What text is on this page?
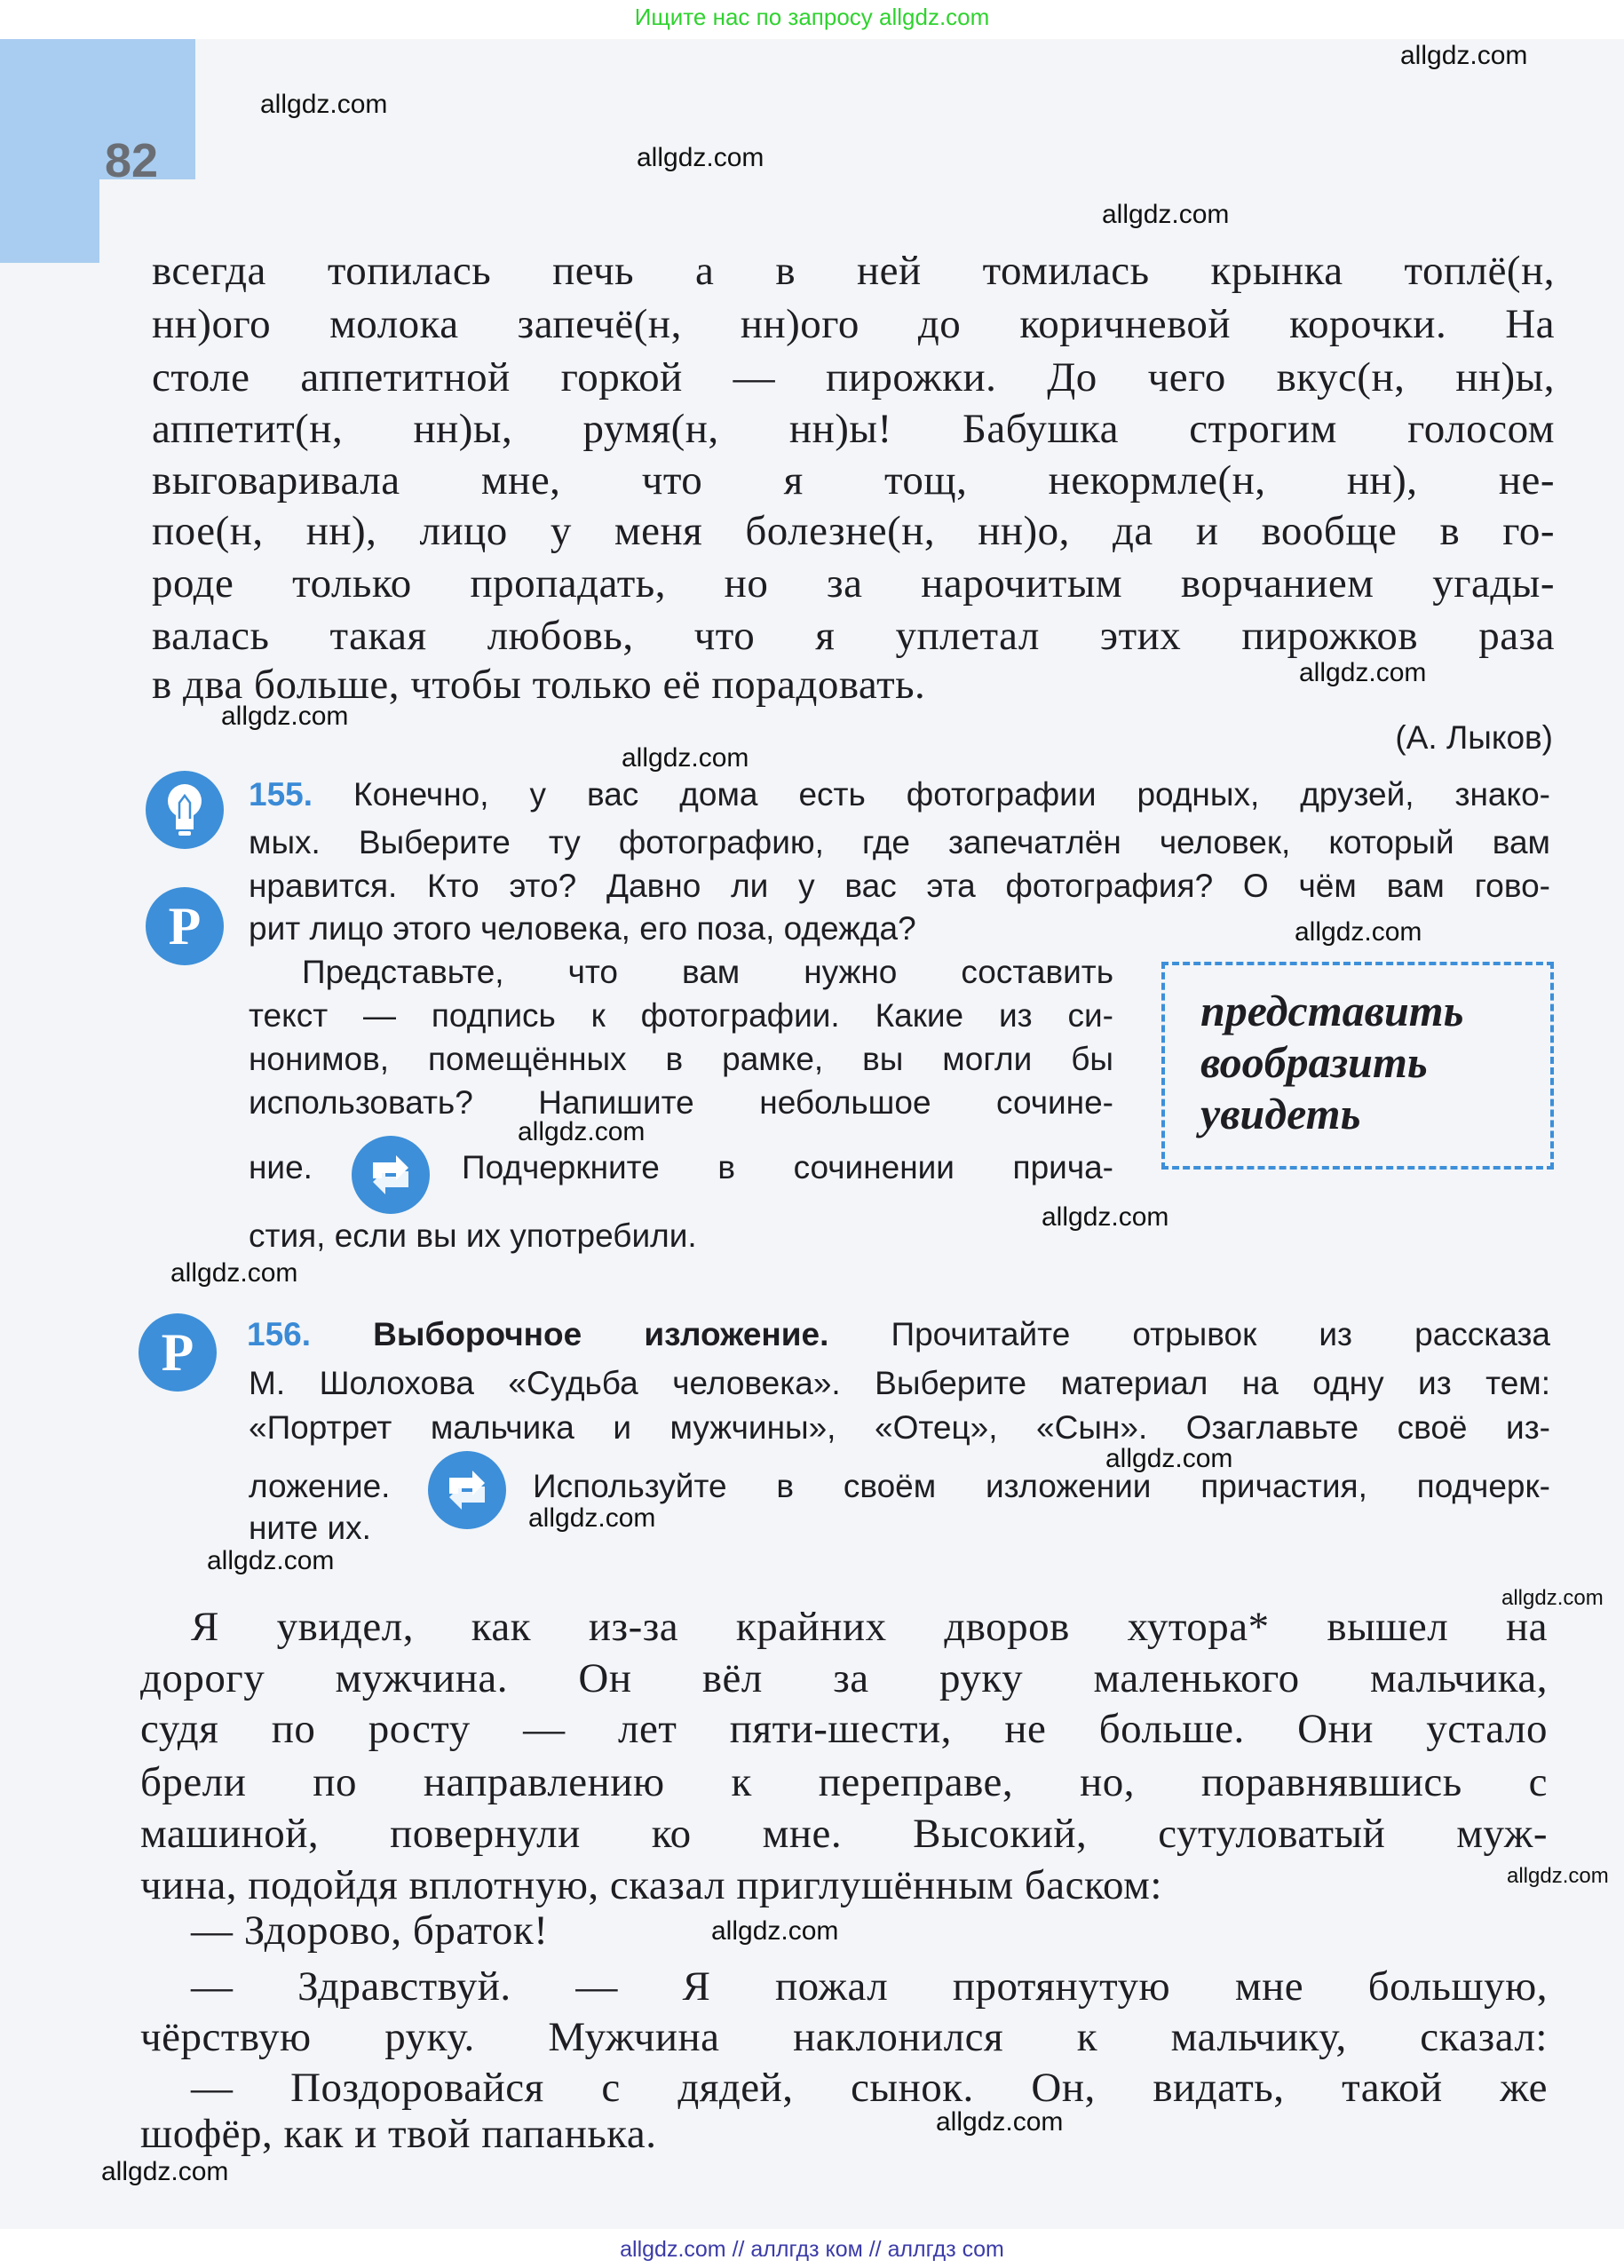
Ищите нас по запросу allgdz.com
82
всегда топилась печь а в ней томилась крынка топлё(н,
нн)ого молока запечё(н, нн)ого до коричневой корочки. На
столе аппетитной горкой — пирожки. До чего вкус(н, нн)ы,
аппетит(н, нн)ы, румя(н, нн)ы! Бабушка строгим голосом
выговаривала мне, что я тощ, некормле(н, нн), не-
пое(н, нн), лицо у меня болезне(н, нн)о, да и вообще в го-
роде только пропадать, но за нарочитым ворчанием угады-
валась такая любовь, что я уплетал этих пирожков раза
в два больше, чтобы только её порадовать.
(А. Лыков)
P
155. Конечно, у вас дома есть фотографии родных, друзей, знако-
мых. Выберите ту фотографию, где запечатлён человек, который вам
нравится. Кто это? Давно ли у вас эта фотография? О чём вам гово-
рит лицо этого человека, его поза, одежда?
Представьте, что вам нужно составить
текст — подпись к фотографии. Какие из си-
нонимов, помещённых в рамке, вы могли бы
использовать? Напишите небольшое сочине-
ние.	Подчеркните в сочинении прича-
стия, если вы их употребили.
представить
вообразить
увидеть
P	156. Выборочное изложение. Прочитайте отрывок из рассказа
М. Шолохова «Судьба человека». Выберите материал на одну из тем:
«Портрет мальчика и мужчины», «Отец», «Сын». Озаглавьте своё из-
ложение.	Используйте в своём изложении причастия, подчерк-
ните их.
Я увидел, как из-за крайних дворов хутора* вышел на
дорогу мужчина. Он вёл за руку маленького мальчика,
судя по росту — лет пяти-шести, не больше. Они устало
брели по направлению к переправе, но, поравнявшись с
машиной, повернули ко мне. Высокий, сутуловатый муж-
чина, подойдя вплотную, сказал приглушённым баском:
— Здорово, браток!
— Здравствуй. — Я пожал протянутую мне большую,
чёрствую руку. Мужчина наклонился к мальчику, сказал:
— Поздоровайся с дядей, сынок. Он, видать, такой же
шофёр, как и твой папанька.
allgdz.com
allgdz.com
allgdz.com
allgdz.com
allgdz.com
allgdz.com
allgdz.com
allgdz.com
allgdz.com
allgdz.com
allgdz.com
allgdz.com
allgdz.com
allgdz.com
allgdz.com
allgdz.com
allgdz.com
allgdz.com
allgdz.com
allgdz.com // аллгдз ком // аллгдз com
